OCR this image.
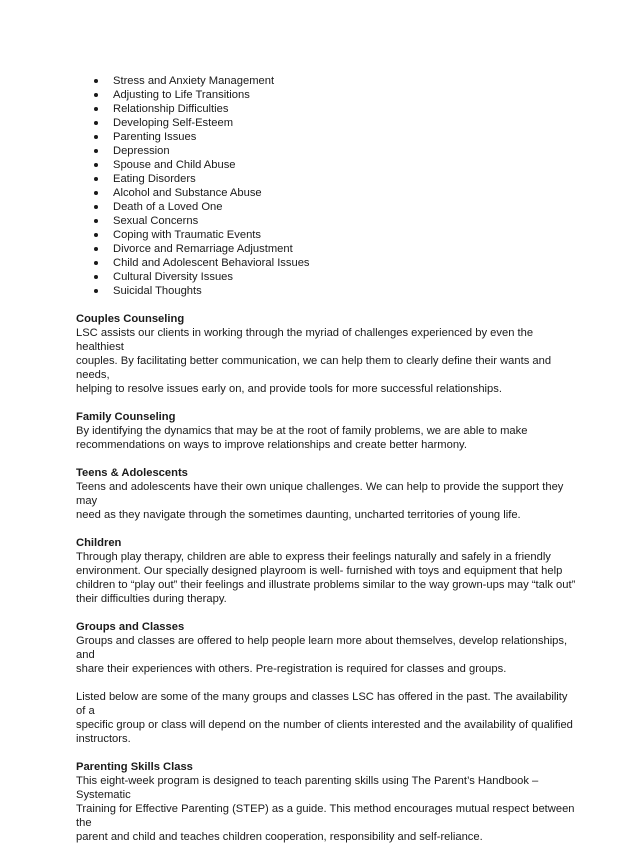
Stress and Anxiety Management
Adjusting to Life Transitions
Relationship Difficulties
Developing Self-Esteem
Parenting Issues
Depression
Spouse and Child Abuse
Eating Disorders
Alcohol and Substance Abuse
Death of a Loved One
Sexual Concerns
Coping with Traumatic Events
Divorce and Remarriage Adjustment
Child and Adolescent Behavioral Issues
Cultural Diversity Issues
Suicidal Thoughts
Couples Counseling
LSC assists our clients in working through the myriad of challenges experienced by even the healthiest
couples. By facilitating better communication, we can help them to clearly define their wants and needs,
helping to resolve issues early on, and provide tools for more successful relationships.
Family Counseling
By identifying the dynamics that may be at the root of family problems, we are able to make
recommendations on ways to improve relationships and create better harmony.
Teens & Adolescents
Teens and adolescents have their own unique challenges. We can help to provide the support they may
need as they navigate through the sometimes daunting, uncharted territories of young life.
Children
Through play therapy, children are able to express their feelings naturally and safely in a friendly
environment. Our specially designed playroom is well- furnished with toys and equipment that help
children to “play out” their feelings and illustrate problems similar to the way grown-ups may “talk out”
their difficulties during therapy.
Groups and Classes
Groups and classes are offered to help people learn more about themselves, develop relationships, and
share their experiences with others. Pre-registration is required for classes and groups.
Listed below are some of the many groups and classes LSC has offered in the past. The availability of a
specific group or class will depend on the number of clients interested and the availability of qualified
instructors.
Parenting Skills Class
This eight-week program is designed to teach parenting skills using The Parent’s Handbook – Systematic
Training for Effective Parenting (STEP) as a guide. This method encourages mutual respect between the
parent and child and teaches children cooperation, responsibility and self-reliance.
